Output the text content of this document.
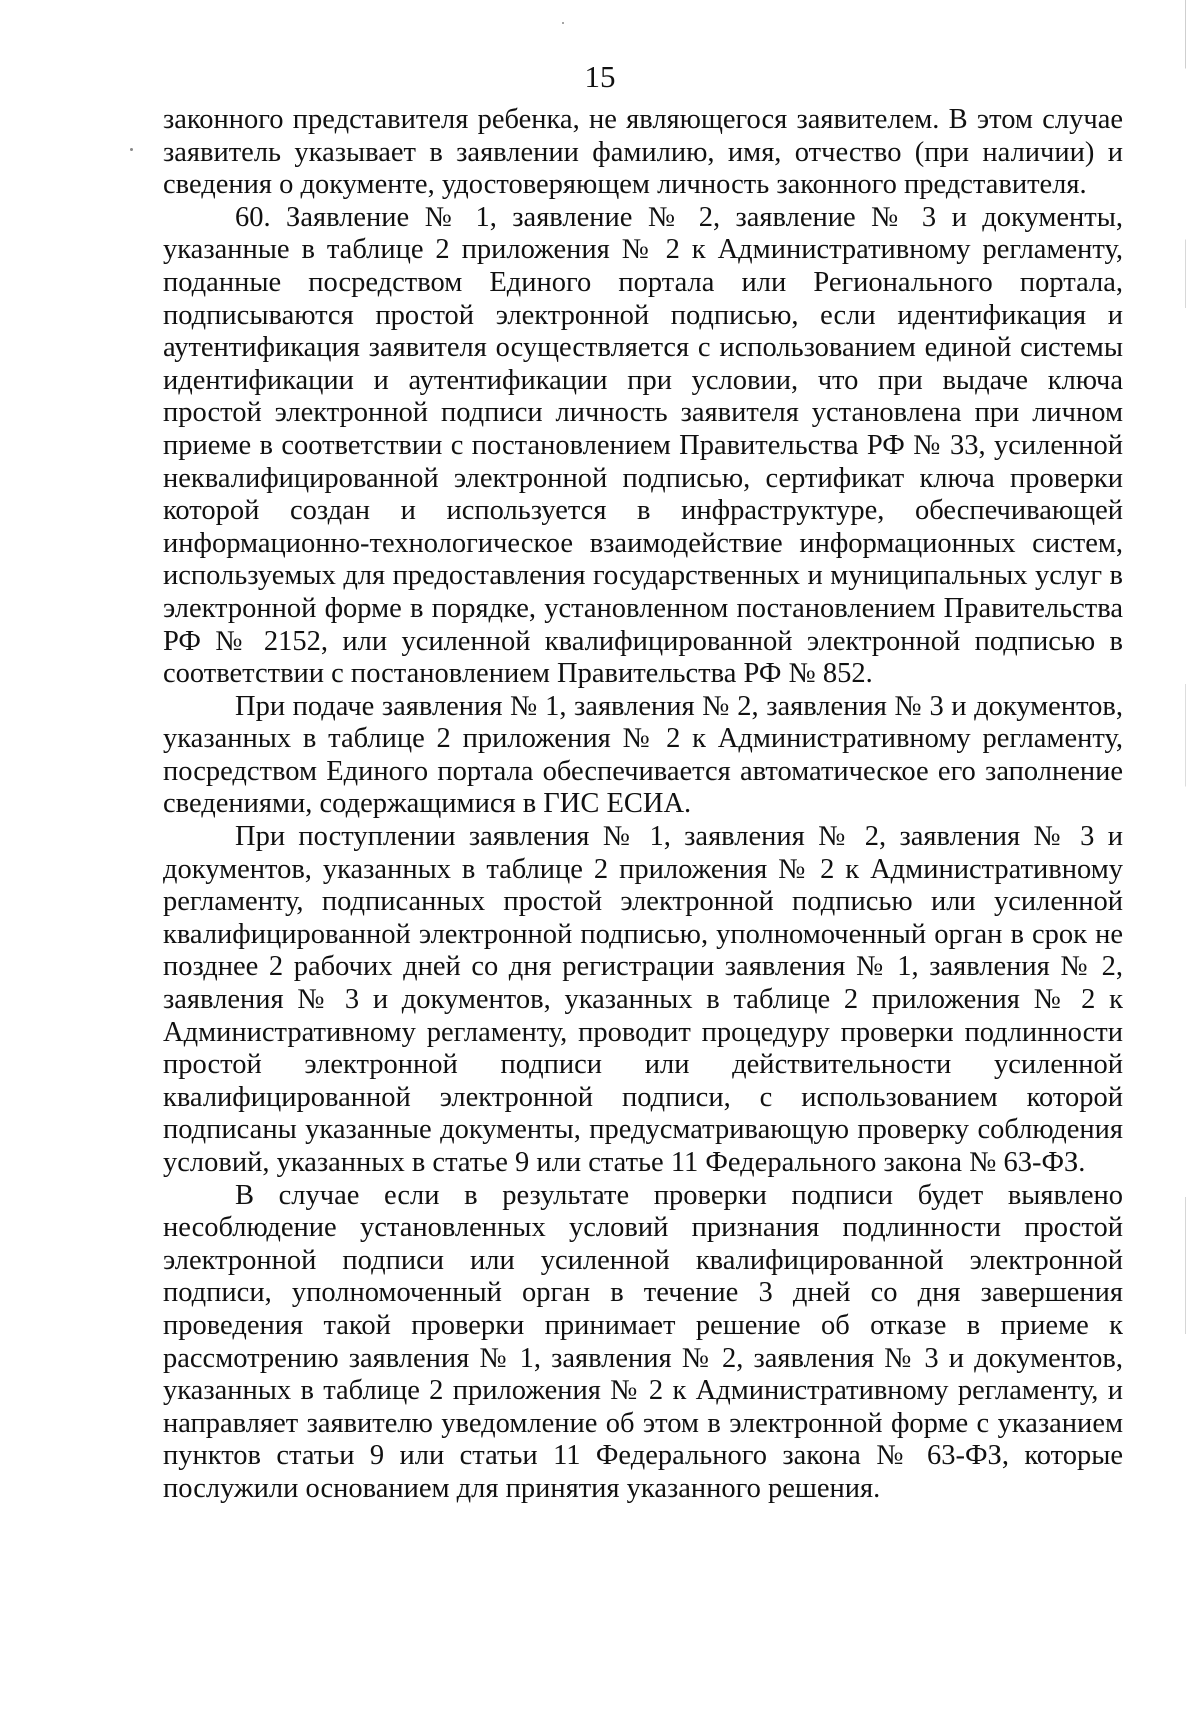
15

законного представителя ребенка, не являющегося заявителем. В этом случае заявитель указывает в заявлении фамилию, имя, отчество (при наличии) и сведения о документе, удостоверяющем личность законного представителя.

60. Заявление № 1, заявление № 2, заявление № 3 и документы, указанные в таблице 2 приложения № 2 к Административному регламенту, поданные посредством Единого портала или Регионального портала, подписываются простой электронной подписью, если идентификация и аутентификация заявителя осуществляется с использованием единой системы идентификации и аутентификации при условии, что при выдаче ключа простой электронной подписи личность заявителя установлена при личном приеме в соответствии с постановлением Правительства РФ № 33, усиленной неквалифицированной электронной подписью, сертификат ключа проверки которой создан и используется в инфраструктуре, обеспечивающей информационно-технологическое взаимодействие информационных систем, используемых для предоставления государственных и муниципальных услуг в электронной форме в порядке, установленном постановлением Правительства РФ № 2152, или усиленной квалифицированной электронной подписью в соответствии с постановлением Правительства РФ № 852.

При подаче заявления № 1, заявления № 2, заявления № 3 и документов, указанных в таблице 2 приложения № 2 к Административному регламенту, посредством Единого портала обеспечивается автоматическое его заполнение сведениями, содержащимися в ГИС ЕСИА.

При поступлении заявления № 1, заявления № 2, заявления № 3 и документов, указанных в таблице 2 приложения № 2 к Административному регламенту, подписанных простой электронной подписью или усиленной квалифицированной электронной подписью, уполномоченный орган в срок не позднее 2 рабочих дней со дня регистрации заявления № 1, заявления № 2, заявления № 3 и документов, указанных в таблице 2 приложения № 2 к Административному регламенту, проводит процедуру проверки подлинности простой электронной подписи или действительности усиленной квалифицированной электронной подписи, с использованием которой подписаны указанные документы, предусматривающую проверку соблюдения условий, указанных в статье 9 или статье 11 Федерального закона № 63-ФЗ.

В случае если в результате проверки подписи будет выявлено несоблюдение установленных условий признания подлинности простой электронной подписи или усиленной квалифицированной электронной подписи, уполномоченный орган в течение 3 дней со дня завершения проведения такой проверки принимает решение об отказе в приеме к рассмотрению заявления № 1, заявления № 2, заявления № 3 и документов, указанных в таблице 2 приложения № 2 к Административному регламенту, и направляет заявителю уведомление об этом в электронной форме с указанием пунктов статьи 9 или статьи 11 Федерального закона № 63-ФЗ, которые послужили основанием для принятия указанного решения.
